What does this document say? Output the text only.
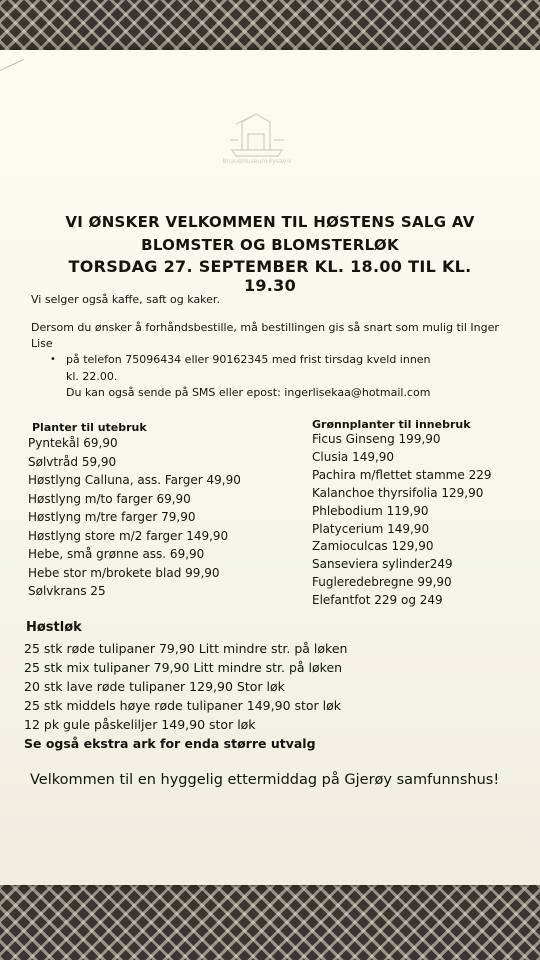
Bnausmuseum kysaviv
VI ØNSKER VELKOMMEN TIL HØSTENS SALG AV
BLOMSTER OG BLOMSTERLØK
TORSDAG 27. SEPTEMBER KL. 18.00 TIL KL. 19.30
Vi selger også kaffe, saft og kaker.
Dersom du ønsker å forhåndsbestille, må bestillingen gis så snart som mulig til Inger
Lise
• på telefon 75096434 eller 90162345 med frist tirsdag kveld innen
kl. 22.00.
Du kan også sende på SMS eller epost: ingerlisekaa@hotmail.com
Planter til utebruk
Pyntekål 69,90
Sølvtråd 59,90
Høstlyng Calluna, ass. Farger 49,90
Høstlyng m/to farger 69,90
Høstlyng m/tre farger 79,90
Høstlyng store m/2 farger 149,90
Hebe, små grønne ass. 69,90
Hebe stor m/brokete blad 99,90
Sølvkrans 25
Grønnplanter til innebruk
Ficus Ginseng 199,90
Clusia 149,90
Pachira m/flettet stamme 229
Kalanchoe thyrsifolia 129,90
Phlebodium 119,90
Platycerium 149,90
Zamioculcas 129,90
Sanseviera sylinder249
Fugleredebregne 99,90
Elefantfot 229 og 249
Høstløk
25 stk røde tulipaner 79,90 Litt mindre str. på løken
25 stk mix tulipaner 79,90 Litt mindre str. på løken
20 stk lave røde tulipaner 129,90 Stor løk
25 stk middels høye røde tulipaner 149,90 stor løk
12 pk gule påskeliljer 149,90 stor løk
Se også ekstra ark for enda større utvalg
Velkommen til en hyggelig ettermiddag på Gjerøy samfunnshus!
